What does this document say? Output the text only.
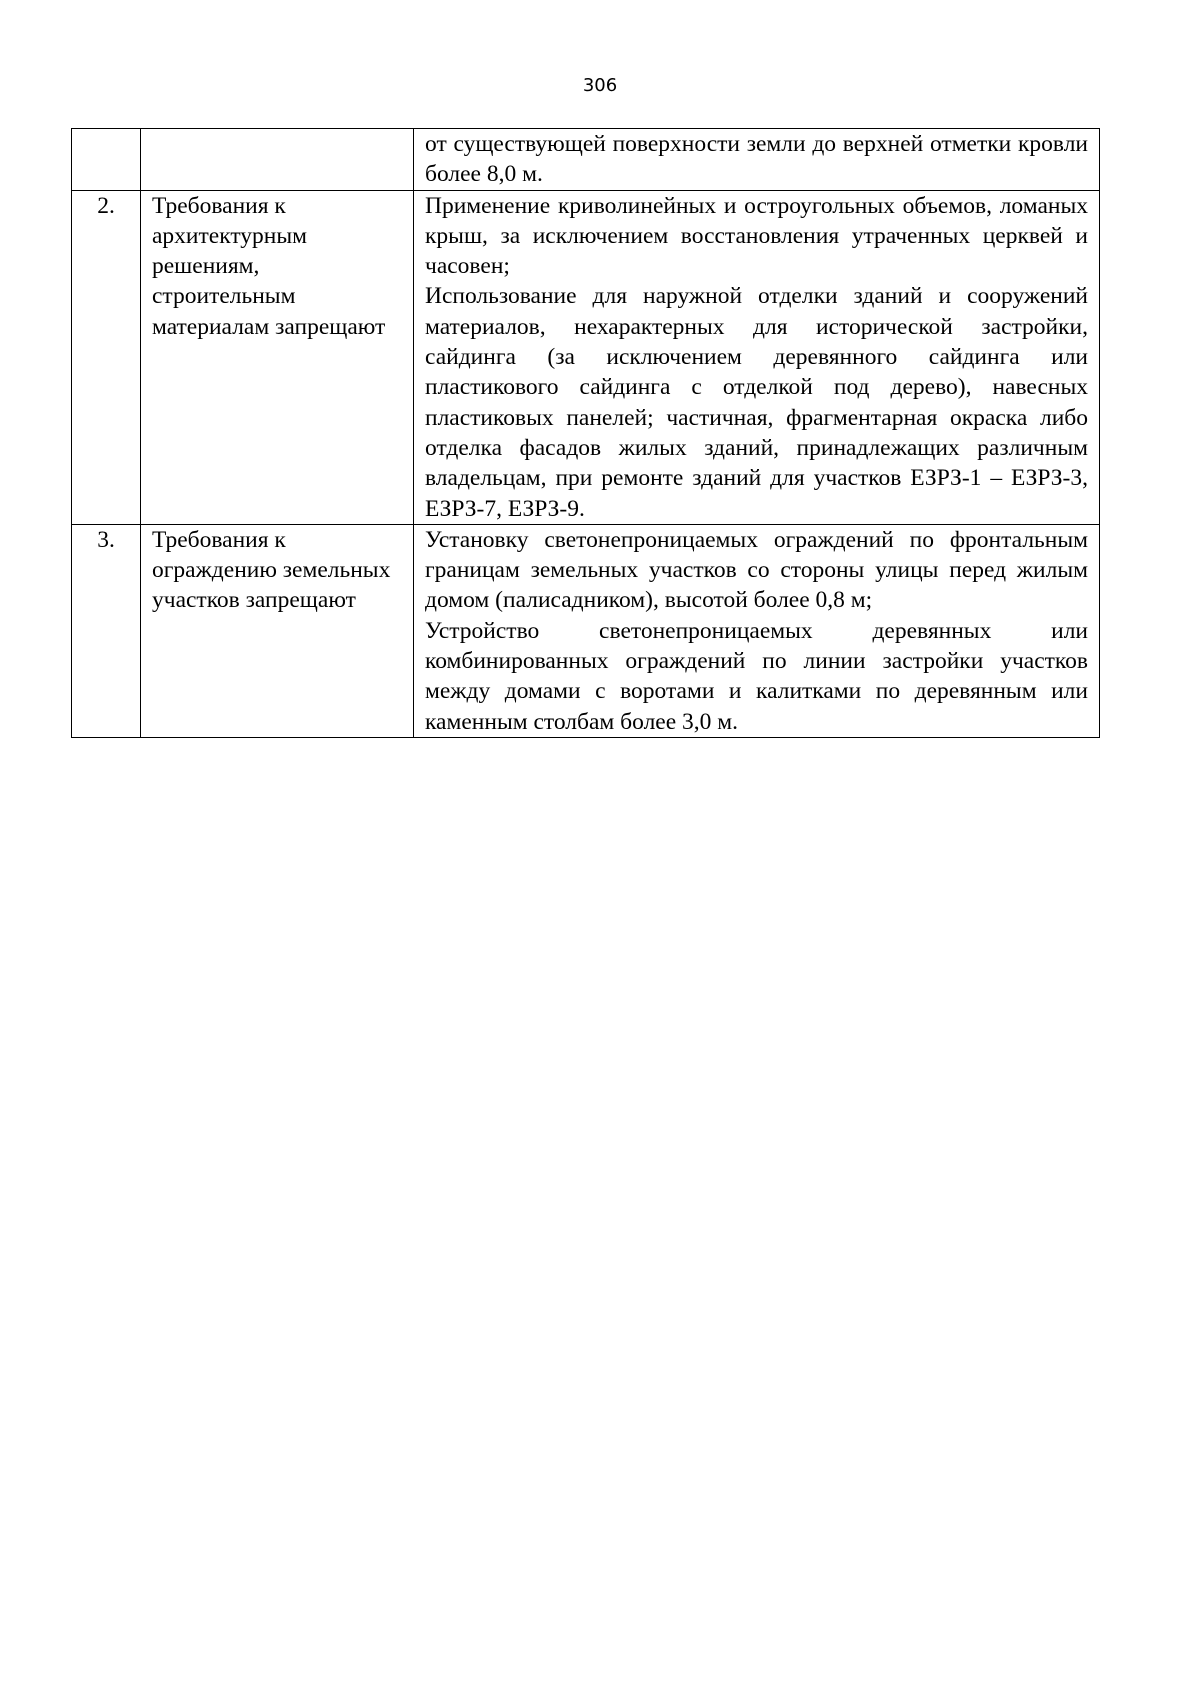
306

		от существующей поверхности земли до верхней отметки кровли более 8,0 м.

2.	Требования к архитектурным решениям, строительным материалам запрещают	Применение криволинейных и остроугольных объемов, ломаных крыш, за исключением восстановления утраченных церквей и часовен;
Использование для наружной отделки зданий и сооружений материалов, нехарактерных для исторической застройки, сайдинга (за исключением деревянного сайдинга или пластикового сайдинга с отделкой под дерево), навесных пластиковых панелей; частичная, фрагментарная окраска либо отделка фасадов жилых зданий, принадлежащих различным владельцам, при ремонте зданий для участков ЕЗРЗ-1 – ЕЗРЗ-3, ЕЗРЗ-7, ЕЗРЗ-9.

3.	Требования к ограждению земельных участков запрещают	Установку светонепроницаемых ограждений по фронтальным границам земельных участков со стороны улицы перед жилым домом (палисадником), высотой более 0,8 м;
Устройство светонепроницаемых деревянных или комбинированных ограждений по линии застройки участков между домами с воротами и калитками по деревянным или каменным столбам более 3,0 м.
